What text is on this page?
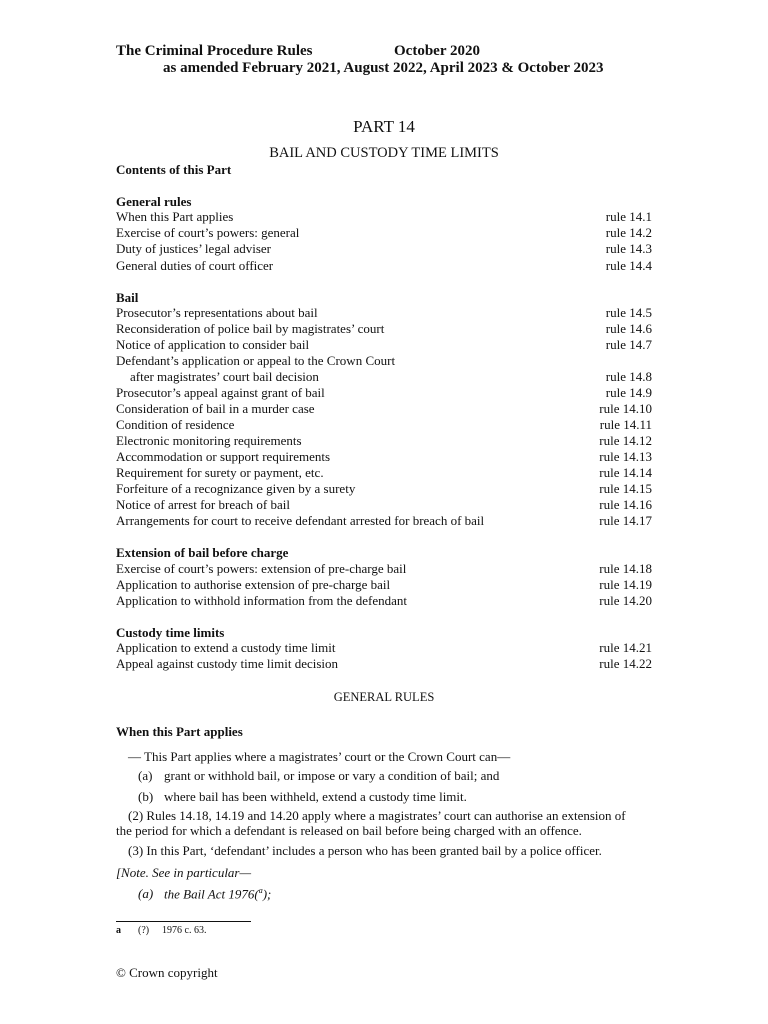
The Criminal Procedure Rules	October 2020
as amended February 2021, August 2022, April 2023 & October 2023
PART 14
BAIL AND CUSTODY TIME LIMITS
Contents of this Part
General rules
When this Part applies	rule 14.1
Exercise of court’s powers: general	rule 14.2
Duty of justices’ legal adviser	rule 14.3
General duties of court officer	rule 14.4
Bail
Prosecutor’s representations about bail	rule 14.5
Reconsideration of police bail by magistrates’ court	rule 14.6
Notice of application to consider bail	rule 14.7
Defendant’s application or appeal to the Crown Court
after magistrates’ court bail decision	rule 14.8
Prosecutor’s appeal against grant of bail	rule 14.9
Consideration of bail in a murder case	rule 14.10
Condition of residence	rule 14.11
Electronic monitoring requirements	rule 14.12
Accommodation or support requirements	rule 14.13
Requirement for surety or payment, etc.	rule 14.14
Forfeiture of a recognizance given by a surety	rule 14.15
Notice of arrest for breach of bail	rule 14.16
Arrangements for court to receive defendant arrested for breach of bail	rule 14.17
Extension of bail before charge
Exercise of court’s powers: extension of pre-charge bail	rule 14.18
Application to authorise extension of pre-charge bail	rule 14.19
Application to withhold information from the defendant	rule 14.20
Custody time limits
Application to extend a custody time limit	rule 14.21
Appeal against custody time limit decision	rule 14.22
GENERAL RULES
When this Part applies
— This Part applies where a magistrates’ court or the Crown Court can—
(a) grant or withhold bail, or impose or vary a condition of bail; and
(b) where bail has been withheld, extend a custody time limit.
(2) Rules 14.18, 14.19 and 14.20 apply where a magistrates’ court can authorise an extension of
the period for which a defendant is released on bail before being charged with an offence.
(3) In this Part, ‘defendant’ includes a person who has been granted bail by a police officer.
[Note. See in particular—
(a) the Bail Act 1976($^a$);
a (?) 1976 c. 63.
© Crown copyright
